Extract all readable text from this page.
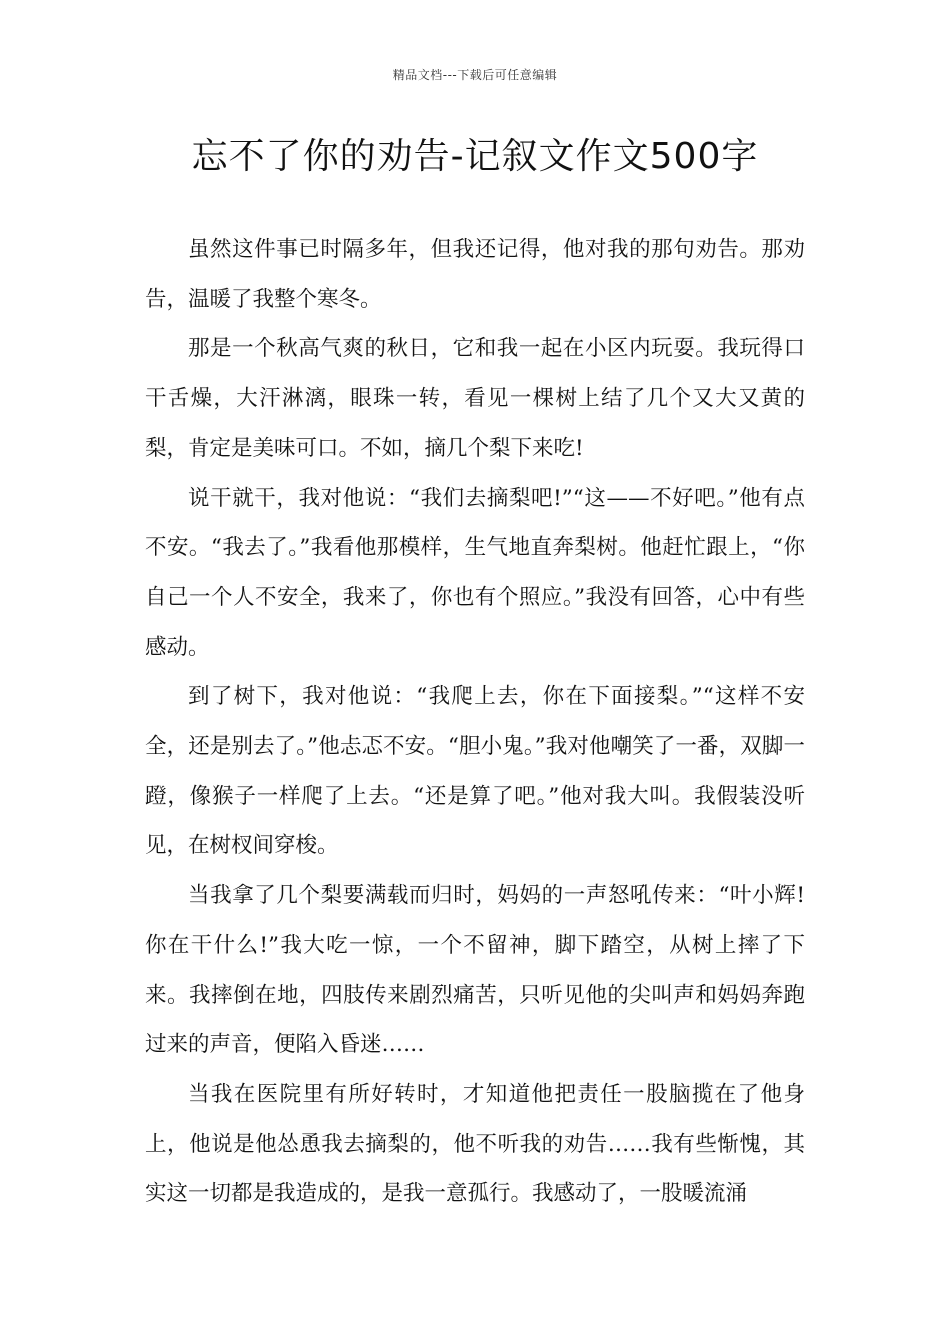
精品文档---下载后可任意编辑
忘不了你的劝告-记叙文作文500字

虽然这件事已时隔多年，但我还记得，他对我的那句劝告。那劝告，温暖了我整个寒冬。

那是一个秋高气爽的秋日，它和我一起在小区内玩耍。我玩得口干舌燥，大汗淋漓，眼珠一转，看见一棵树上结了几个又大又黄的梨，肯定是美味可口。不如，摘几个梨下来吃!

说干就干，我对他说：“我们去摘梨吧!”“这——不好吧。”他有点不安。“我去了。”我看他那模样，生气地直奔梨树。他赶忙跟上，“你自己一个人不安全，我来了，你也有个照应。”我没有回答，心中有些感动。

到了树下，我对他说：“我爬上去，你在下面接梨。”“这样不安全，还是别去了。”他忐忑不安。“胆小鬼。”我对他嘲笑了一番，双脚一蹬，像猴子一样爬了上去。“还是算了吧。”他对我大叫。我假装没听见，在树杈间穿梭。

当我拿了几个梨要满载而归时，妈妈的一声怒吼传来：“叶小辉!你在干什么!”我大吃一惊，一个不留神，脚下踏空，从树上摔了下来。我摔倒在地，四肢传来剧烈痛苦，只听见他的尖叫声和妈妈奔跑过来的声音，便陷入昏迷……

当我在医院里有所好转时，才知道他把责任一股脑揽在了他身上，他说是他怂恿我去摘梨的，他不听我的劝告……我有些惭愧，其实这一切都是我造成的，是我一意孤行。我感动了，一股暖流涌
